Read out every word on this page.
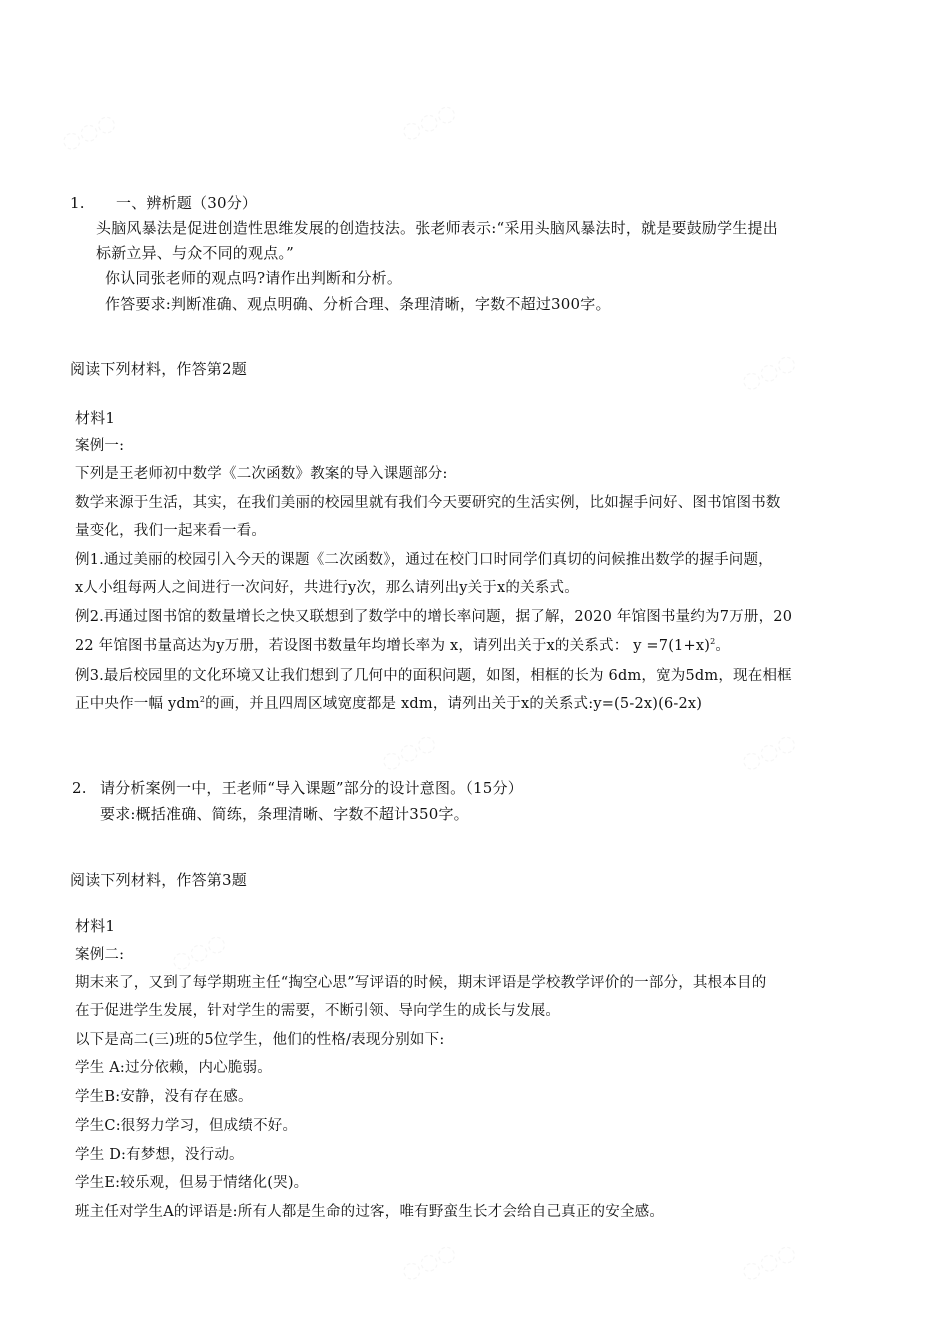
1. 一、辨析题（30分）
头脑风暴法是促进创造性思维发展的创造技法。张老师表示:“采用头脑风暴法时，就是要鼓励学生提出
标新立异、与众不同的观点。”
你认同张老师的观点吗?请作出判断和分析。
作答要求:判断准确、观点明确、分析合理、条理清晰，字数不超过300字。
阅读下列材料，作答第2题
材料1
案例一:
下列是王老师初中数学《二次函数》教案的导入课题部分:
数学来源于生活，其实，在我们美丽的校园里就有我们今天要研究的生活实例，比如握手问好、图书馆图书数
量变化，我们一起来看一看。
例1.通过美丽的校园引入今天的课题《二次函数》，通过在校门口时同学们真切的问候推出数学的握手问题，
x人小组每两人之间进行一次问好，共进行y次，那么请列出y关于x的关系式。
例2.再通过图书馆的数量增长之快又联想到了数学中的增长率问题，据了解，2020 年馆图书量约为7万册，20
22 年馆图书量高达为y万册，若设图书数量年均增长率为 x，请列出关于x的关系式： $y =7(1+x)^2$。
例3.最后校园里的文化环境又让我们想到了几何中的面积问题，如图，相框的长为 6dm，宽为5dm，现在相框
正中央作一幅 ydm$^2$的画，并且四周区域宽度都是 xdm，请列出关于x的关系式:y=(5-2x)(6-2x)
2. 请分析案例一中，王老师“导入课题”部分的设计意图。（15分）
要求:概括准确、简练，条理清晰、字数不超计350字。
阅读下列材料，作答第3题
材料1
案例二:
期末来了，又到了每学期班主任“掏空心思”写评语的时候，期末评语是学校教学评价的一部分，其根本目的
在于促进学生发展，针对学生的需要，不断引领、导向学生的成长与发展。
以下是高二(三)班的5位学生，他们的性格/表现分别如下:
学生 A:过分依赖，内心脆弱。
学生B:安静，没有存在感。
学生C:很努力学习，但成绩不好。
学生 D:有梦想，没行动。
学生E:较乐观，但易于情绪化(哭)。
班主任对学生A的评语是:所有人都是生命的过客，唯有野蛮生长才会给自己真正的安全感。
